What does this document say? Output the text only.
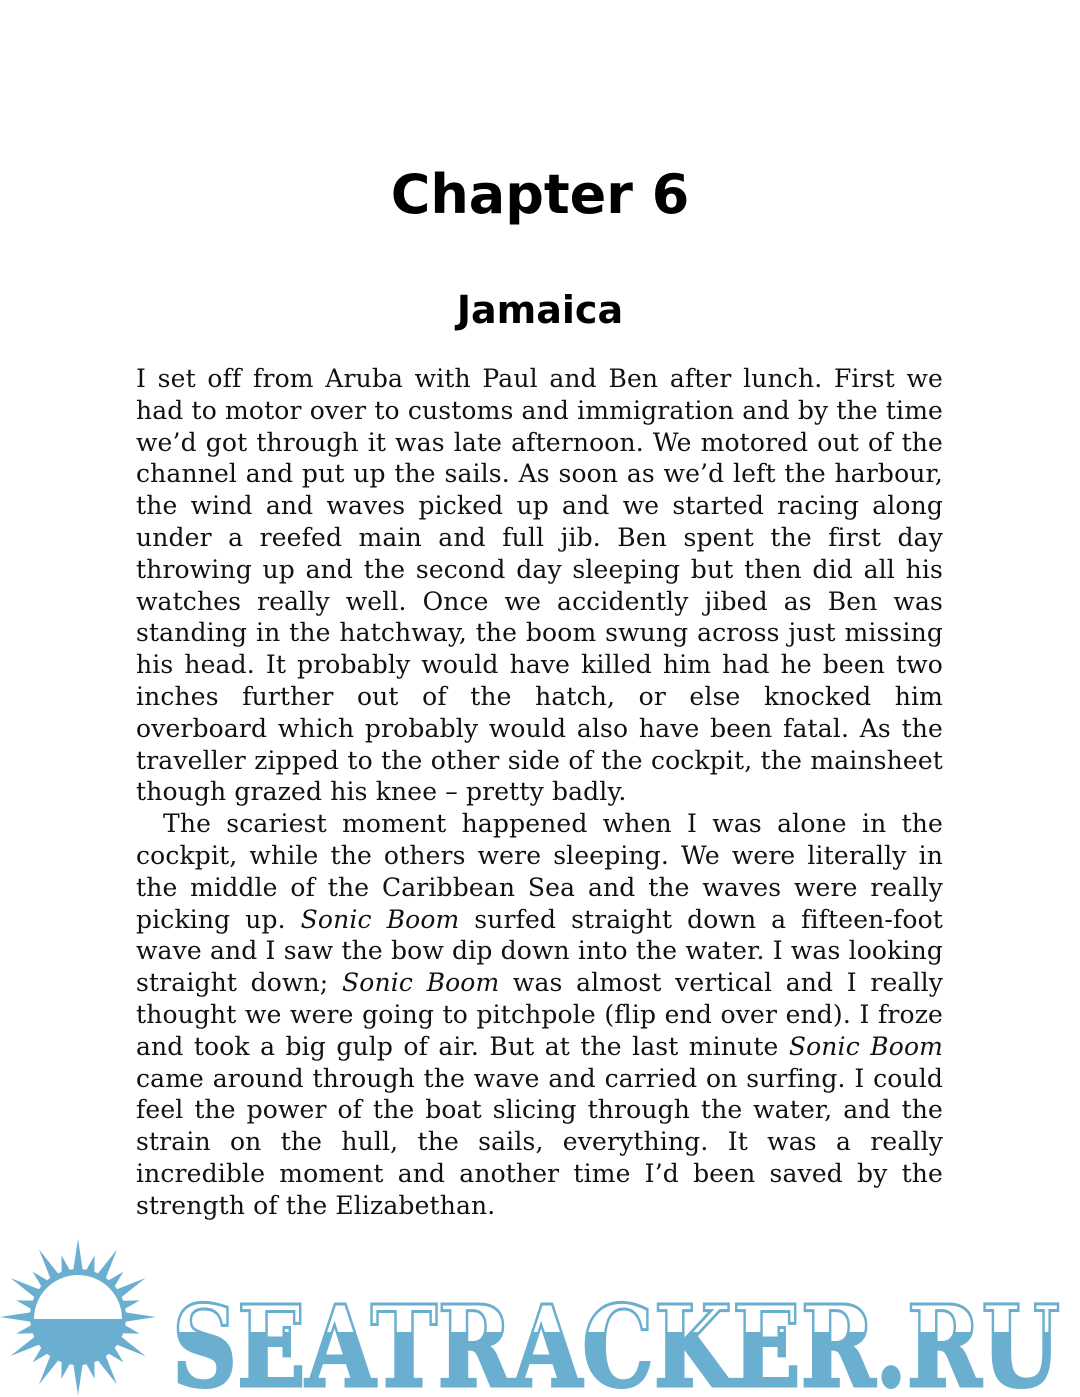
Chapter 6
Jamaica

I set off from Aruba with Paul and Ben after lunch. First we had to motor over to customs and immigration and by the time we’d got through it was late afternoon. We motored out of the channel and put up the sails. As soon as we’d left the harbour, the wind and waves picked up and we started racing along under a reefed main and full jib. Ben spent the first day throwing up and the second day sleeping but then did all his watches really well. Once we accidently jibed as Ben was standing in the hatchway, the boom swung across just missing his head. It probably would have killed him had he been two inches further out of the hatch, or else knocked him overboard which probably would also have been fatal. As the traveller zipped to the other side of the cockpit, the mainsheet though grazed his knee – pretty badly.

The scariest moment happened when I was alone in the cockpit, while the others were sleeping. We were literally in the middle of the Caribbean Sea and the waves were really picking up. Sonic Boom surfed straight down a fifteen-foot wave and I saw the bow dip down into the water. I was looking straight down; Sonic Boom was almost vertical and I really thought we were going to pitchpole (flip end over end). I froze and took a big gulp of air. But at the last minute Sonic Boom came around through the wave and carried on surfing. I could feel the power of the boat slicing through the water, and the strain on the hull, the sails, everything. It was a really incredible moment and another time I’d been saved by the strength of the Elizabethan.

SEATRACKER.RU
